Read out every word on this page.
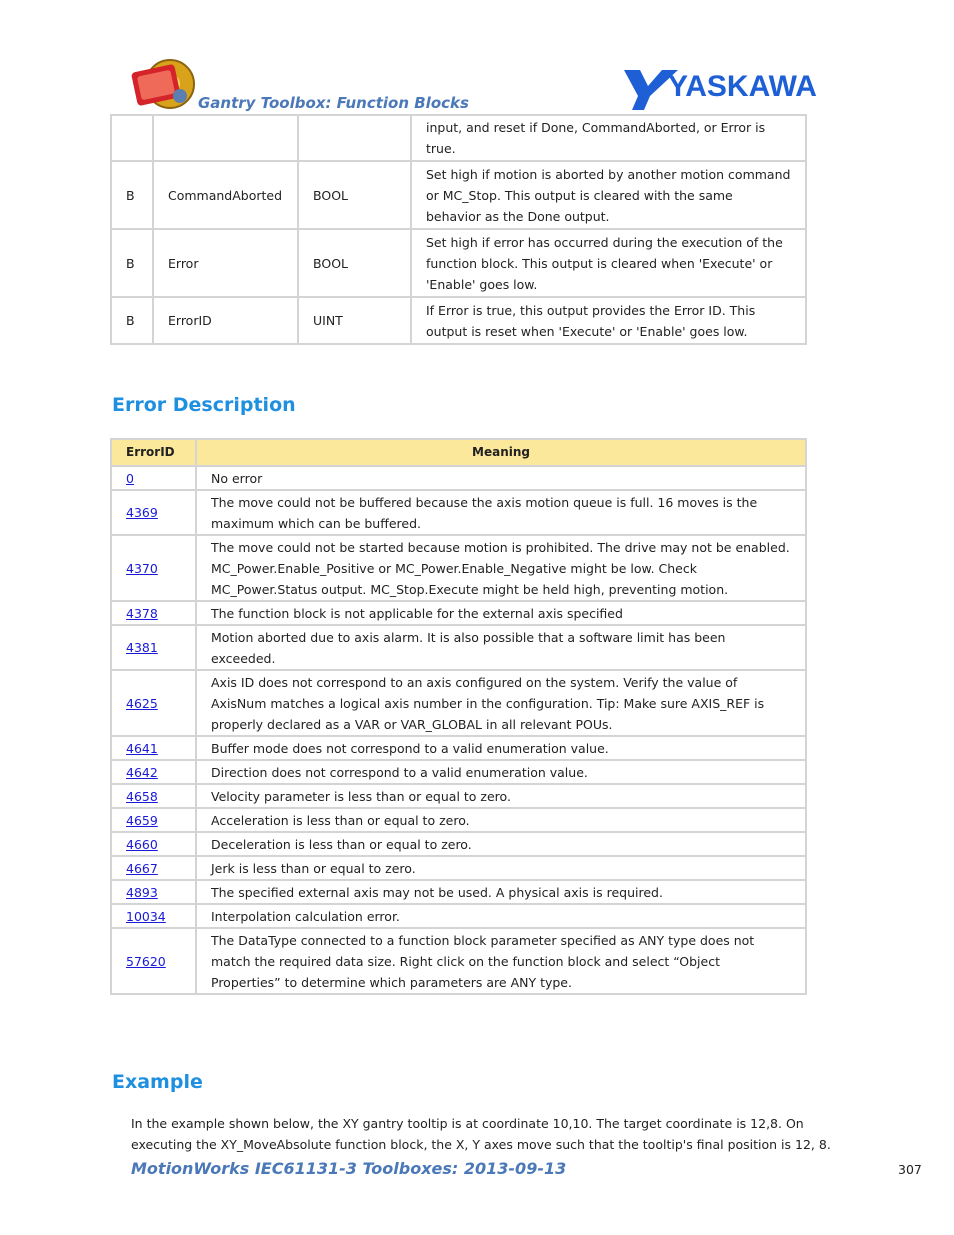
Gantry Toolbox: Function Blocks	YASKAWA
			input, and reset if Done, CommandAborted, or Error is true.
B	CommandAborted	BOOL	Set high if motion is aborted by another motion command or MC_Stop. This output is cleared with the same behavior as the Done output.
B	Error	BOOL	Set high if error has occurred during the execution of the function block. This output is cleared when 'Execute' or 'Enable' goes low.
B	ErrorID	UINT	If Error is true, this output provides the Error ID. This output is reset when 'Execute' or 'Enable' goes low.
Error Description
ErrorID	Meaning
0	No error
4369	The move could not be buffered because the axis motion queue is full. 16 moves is the maximum which can be buffered.
4370	The move could not be started because motion is prohibited. The drive may not be enabled. MC_Power.Enable_Positive or MC_Power.Enable_Negative might be low. Check MC_Power.Status output. MC_Stop.Execute might be held high, preventing motion.
4378	The function block is not applicable for the external axis specified
4381	Motion aborted due to axis alarm. It is also possible that a software limit has been exceeded.
4625	Axis ID does not correspond to an axis configured on the system. Verify the value of AxisNum matches a logical axis number in the configuration. Tip: Make sure AXIS_REF is properly declared as a VAR or VAR_GLOBAL in all relevant POUs.
4641	Buffer mode does not correspond to a valid enumeration value.
4642	Direction does not correspond to a valid enumeration value.
4658	Velocity parameter is less than or equal to zero.
4659	Acceleration is less than or equal to zero.
4660	Deceleration is less than or equal to zero.
4667	Jerk is less than or equal to zero.
4893	The specified external axis may not be used. A physical axis is required.
10034	Interpolation calculation error.
57620	The DataType connected to a function block parameter specified as ANY type does not match the required data size. Right click on the function block and select “Object Properties” to determine which parameters are ANY type.
Example
In the example shown below, the XY gantry tooltip is at coordinate 10,10. The target coordinate is 12,8. On executing the XY_MoveAbsolute function block, the X, Y axes move such that the tooltip's final position is 12, 8.
MotionWorks IEC61131-3 Toolboxes: 2013-09-13	307
